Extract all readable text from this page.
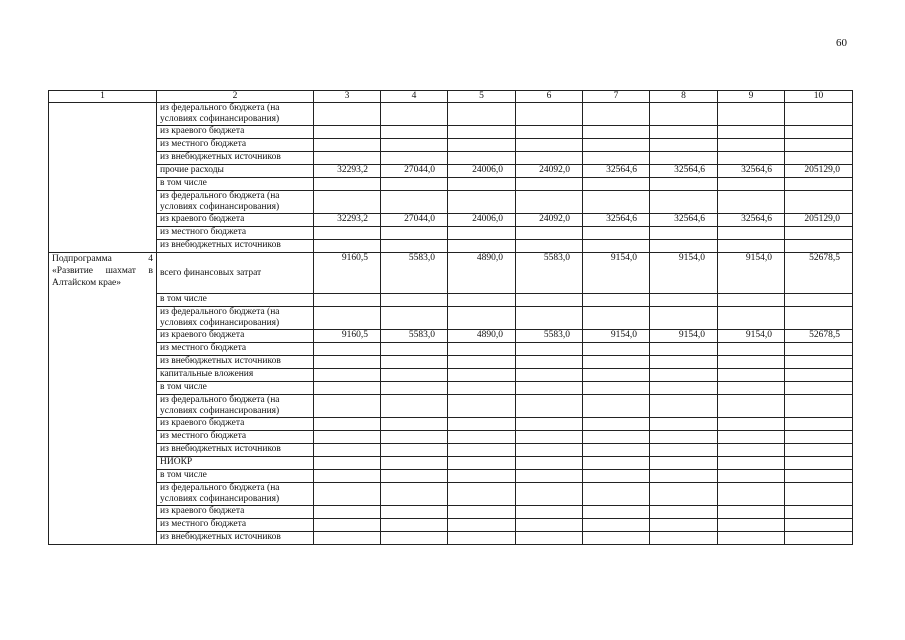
60
1	2	3	4	5	6	7	8	9	10
	из федерального бюджета (на условиях софинансирования)								
	из краевого бюджета								
	из местного бюджета								
	из внебюджетных источников								
	прочие расходы	32293,2	27044,0	24006,0	24092,0	32564,6	32564,6	32564,6	205129,0
	в том числе								
	из федерального бюджета (на условиях софинансирования)								
	из краевого бюджета	32293,2	27044,0	24006,0	24092,0	32564,6	32564,6	32564,6	205129,0
	из местного бюджета								
	из внебюджетных источников								
Подпрограмма 4 «Развитие шахмат в Алтайском крае»	всего финансовых затрат	9160,5	5583,0	4890,0	5583,0	9154,0	9154,0	9154,0	52678,5
	в том числе								
	из федерального бюджета (на условиях софинансирования)								
	из краевого бюджета	9160,5	5583,0	4890,0	5583,0	9154,0	9154,0	9154,0	52678,5
	из местного бюджета								
	из внебюджетных источников								
	капитальные вложения								
	в том числе								
	из федерального бюджета (на условиях софинансирования)								
	из краевого бюджета								
	из местного бюджета								
	из внебюджетных источников								
	НИОКР								
	в том числе								
	из федерального бюджета (на условиях софинансирования)								
	из краевого бюджета								
	из местного бюджета								
	из внебюджетных источников								
